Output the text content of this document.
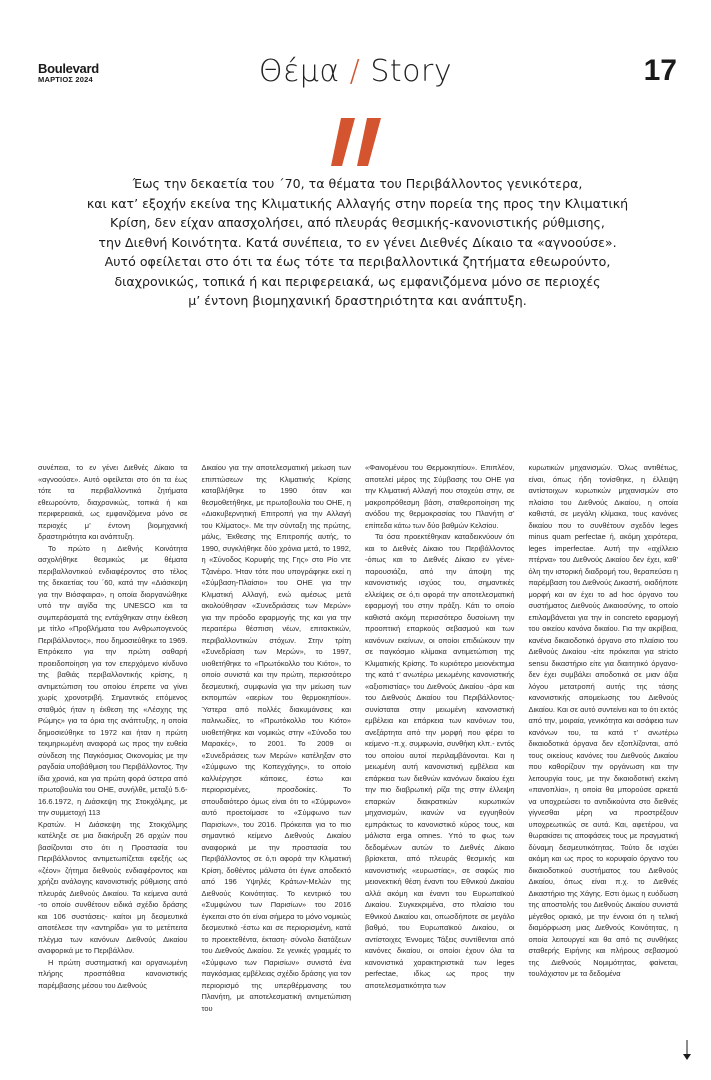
Boulevard
ΜΑΡΤΙΟΣ 2024	Θέμα / Story	17
Έως την δεκαετία του ΄70, τα θέματα του Περιβάλλοντος γενικότερα,
και κατ’ εξοχήν εκείνα της Κλιματικής Αλλαγής στην πορεία της προς την Κλιματική
Κρίση, δεν είχαν απασχολήσει, από πλευράς θεσμικής-κανονιστικής ρύθμισης,
την Διεθνή Κοινότητα. Κατά συνέπεια, το εν γένει Διεθνές Δίκαιο τα «αγνοούσε».
Αυτό οφείλεται στο ότι τα έως τότε τα περιβαλλοντικά ζητήματα εθεωρούντο,
διαχρονικώς, τοπικά ή και περιφερειακά, ως εμφανιζόμενα μόνο σε περιοχές
μ’ έντονη βιομηχανική δραστηριότητα και ανάπτυξη.

συνέπεια, το εν γένει Διεθνές Δίκαιο τα «αγνοούσε». Αυτό οφείλεται στο ότι τα έως τότε τα περιβαλλοντικά ζητήματα εθεωρούντο, διαχρονικώς, τοπικά ή και περιφερειακά, ως εμφανιζόμενα μόνο σε περιοχές μ’ έντονη βιομηχανική δραστηριότητα και ανάπτυξη.

Το πρώτο η Διεθνής Κοινότητα ασχολήθηκε θεσμικώς με θέματα περιβαλλοντικού ενδιαφέροντος στο τέλος της δεκαετίας του ΄60, κατά την «Διάσκεψη για την Βιόσφαιρα», η οποία διοργανώθηκε υπό την αιγίδα της UNESCO και τα συμπεράσματά της εντάχθηκαν στην έκθεση με τίτλο «Προβλήματα του Ανθρωπογενούς Περιβάλλοντος», που δημοσιεύθηκε το 1969. Επρόκειτο για την πρώτη σαθαρή προειδοποίηση για τον επερχόμενο κίνδυνο της βαθιάς περιβαλλοντικής κρίσης, η αντιμετώπιση του οποίου έπρεπε να γίνει χωρίς χρονοτριβή. Σημαντικός επόμενος σταθμός ήταν η έκθεση της «Λέσχης της Ρώμης» για τα όρια της ανάπτυξης, η οποία δημοσιεύθηκε το 1972 και ήταν η πρώτη τεκμηριωμένη αναφορά ως προς την ευθεία σύνδεση της Παγκόσμιας Οικονομίας με την ραγδαία υποβάθμιση του Περιβάλλοντος. Την ίδια χρονιά, και για πρώτη φορά ύστερα από πρωτοβουλία του ΟΗΕ, συνήλθε, μεταξύ 5.6-16.6.1972, η Διάσκεψη της Στοκχόλμης, με την συμμετοχή 113

Κρατών. Η Διάσκεψη της Στοκχόλμης κατέληξε σε μια διακήρυξη 26 αρχών που βασίζονται στο ότι η Προστασία του Περιβάλλοντος αντιμετωπίζεται εφεξής ως «ζέον» ζήτημα διεθνούς ενδιαφέροντος και χρήζει ανάλογης κανονιστικής ρύθμισης από πλευράς Διεθνούς Δικαίου. Τα κείμενα αυτά -το οποίο συνθέτουν ειδικά σχέδιο δράσης και 106 συστάσεις- καίτοι μη δεσμευτικά αποτέλεσε την «αντηρίδα» για το μετέπειτα πλέγμα των κανόνων Διεθνούς Δικαίου αναφορικά με το Περιβάλλον.

Η πρώτη συστηματική και οργανωμένη πλήρης προσπάθεια κανονιστικής παρέμβασης μέσου του Διεθνούς

Δικαίου για την αποτελεσματική μείωση των επιπτώσεων της Κλιματικής Κρίσης καταβλήθηκε το 1990 όταν και θεσμοθετήθηκε, με πρωτοβουλία του ΟΗΕ, η «Διακυβερνητική Επιτροπή για την Αλλαγή του Κλίματος». Με την σύνταξη της πρώτης, μάλις, Έκθεσης της Επιτροπής αυτής, το 1990, συγκλήθηκε δύο χρόνια μετά, το 1992, η «Σύνοδος Κορυφής της Γης» στο Ρίο ντε Τζανέιρο. Ήταν τότε που υπογράφηκε εκεί η «Σύμβαση-Πλαίσιο» του ΟΗΕ για την Κλιματική Αλλαγή, ενώ αμέσως μετά ακολούθησαν «Συνεδριάσεις των Μερών» για την πρόοδο εφαρμογής της και για την περαιτέρω θέσπιση νέων, επιτακτικών, περιβαλλοντικών στόχων. Στην τρίτη «Συνεδρίαση των Μερών», το 1997, υιοθετήθηκε το «Πρωτόκολλο του Κιότο», το οποίο συνιστά και την πρώτη, περισσότερο δεσμευτική, συμφωνία για την μείωση των εκπομπών «αερίων του θερμοκηπίου». Ύστερα από πολλές διακυμάνσεις και παλινωδίες, το «Πρωτόκολλο του Κιότο» υιοθετήθηκε και νομικώς στην «Σύνοδο του Μαρακές», το 2001. Το 2009 οι «Συνεδριάσεις των Μερών» κατέληξαν στο «Σύμφωνο της Κοπεγχάγης», το οποίο καλλιέργησε κάποιες, έστω και περιορισμένες, προσδοκίες. Το σπουδαιότερο όμως είναι ότι το «Σύμφωνο» αυτό προετοίμασε το «Σύμφωνο των Παρισίων», του 2016. Πρόκειται για το πιο σημαντικό κείμενο Διεθνούς Δικαίου αναφορικά με την προστασία του Περιβάλλοντος σε ό,τι αφορά την Κλιματική Κρίση, δοθέντος μάλιστα ότι έγινε αποδεκτό από 196 Υψηλές Κράτων-Μελών της Διεθνούς Κοινότητας. Το κεντρικό του «Συμφώνου των Παρισίων» του 2016 έγκειται στο ότι είναι σήμερα το μόνο νομικώς δεσμευτικό -έστω και σε περιορισμένη, κατά το προεκτεθέντα, έκταση- σύνολο διατάξεων του Διεθνούς Δικαίου. Σε γενικές γραμμές το «Σύμφωνο των Παρισίων» συνιστά ένα παγκόσμιας εμβέλειας σχέδιο δράσης για τον περιορισμό της υπερθέρμανσης του Πλανήτη, με αποτελεσματική αντιμετώπιση του

«Φαινομένου του Θερμοκηπίου». Επιπλέον, αποτελεί μέρος της Σύμβασης του ΟΗΕ για την Κλιματική Αλλαγή που στοχεύει στην, σε μακροπρόθεσμη βάση, σταθεροποίηση της ανόδου της θερμοκρασίας του Πλανήτη σ’ επίπεδα κάτω των δύο βαθμών Κελσίου.

Τα όσα προεκτέθηκαν καταδεικνύουν ότι και το Διεθνές Δίκαιο του Περιβάλλοντος -όπως και το Διεθνές Δίκαιο εν γένει- παρουσιάζει, από την άποψη της κανονιστικής ισχύος του, σημαντικές ελλείψεις σε ό,τι αφορά την αποτελεσματική εφαρμογή του στην πράξη. Κάτι το οποίο καθιστά ακόμη περισσότερο δυσοίωνη την προοπτική επαρκούς σεβασμού και των κανόνων εκείνων, οι οποίοι επιδιώκουν την σε παγκόσμιο κλίμακα αντιμετώπιση της Κλιματικής Κρίσης. Το κυριότερο μειονέκτημα της κατά τ’ ανωτέρω μειωμένης κανονιστικής «αξιοπιστίας» του Διεθνούς Δικαίου -άρα και του Διεθνούς Δικαίου του Περιβάλλοντος- συνίσταται στην μειωμένη κανονιστική εμβέλεια και επάρκεια των κανόνων του, ανεξάρτητα από την μορφή που φέρει το κείμενο -π.χ. συμφωνία, συνθήκη κλπ.- εντός του οποίου αυτοί περιλαμβάνονται. Και η μειωμένη αυτή κανονιστική εμβέλεια και επάρκεια των διεθνών κανόνων δικαίου έχει την πιο διαβρωτική ρίζα της στην έλλειψη επαρκών διακρατικών κυρωτικών μηχανισμών, ικανών να εγγυηθούν εμπράκτως το κανονιστικό κύρος τους, και μάλιστα erga omnes. Υπό το φως των δεδομένων αυτών το Διεθνές Δίκαιο βρίσκεται, από πλευράς θεσμικής και κανονιστικής «ευρωστίας», σε σαφώς πιο μειονεκτική θέση έναντι του Εθνικού Δικαίου αλλά ακόμη και έναντι του Ευρωπαϊκού Δικαίου. Συγκεκριμένα, στο πλαίσιο του Εθνικού Δικαίου και, οπωσδήποτε σε μεγάλο βαθμό, του Ευρωπαϊκού Δικαίου, οι αντίστοιχες Έννομες Τάξεις συντίθενται από κανόνες δικαίου, οι οποίοι έχουν όλα τα κανονιστικά χαρακτηριστικά των leges perfectae, ιδίως ως προς την αποτελεσματικότητα των

κυρωτικών μηχανισμών. Όλως αντιθέτως, είναι, όπως ήδη τονίσθηκε, η έλλειψη αντίστοιχων κυρωτικών μηχανισμών στο πλαίσιο του Διεθνούς Δικαίου, η οποία καθιστά, σε μεγάλη κλίμακα, τους κανόνες δικαίου που το συνθέτουν σχεδόν leges minus quam perfectae ή, ακόμη χειρότερα, leges imperfectae. Αυτή την «αχίλλειο πτέρνα» του Διεθνούς Δικαίου δεν έχει, καθ’ όλη την ιστορική διαδρομή του, θεραπεύσει η παρέμβαση του Διεθνούς Δικαστή, οιαδήποτε μορφή και αν έχει το ad hoc όργανο του συστήματος Διεθνούς Δικαιοσύνης, το οποίο επιλαμβάνεται για την in concreto εφαρμογή του οικείου κανόνα δικαίου. Για την ακρίβεια, κανένα δικαιοδοτικό όργανο στο πλαίσιο του Διεθνούς Δικαίου -είτε πρόκειται για stricto sensu δικαστήριο είτε για διαιτητικό όργανο- δεν έχει συμβάλει αποδοτικά σε μιαν άξια λόγου μετατροπή αυτής της τάσης κανονιστικής απομείωσης του Διεθνούς Δικαίου. Και σε αυτό συντείνει και το ότι εκτός από την, μοιραία, γενικότητα και ασάφεια των κανόνων του, τα κατά τ’ ανωτέρω δικαιοδοτικά όργανα δεν εξοπλίζονται, από τους οικείους κανόνες του Διεθνούς Δικαίου που καθορίζουν την οργάνωση και την λειτουργία τους, με την δικαιοδοτική εκείνη «πανοπλία», η οποία θα μπορούσε αρκετά να υποχρεώσει το αντιδικούντα στο διεθνές γίγνεσθαι μέρη να προστρέξουν υποχρεωτικώς σε αυτά. Και, αφετέρου, να θωρακίσει τις αποφάσεις τους με πραγματική δύναμη δεσμευτικότητας. Τούτο δε ισχύει ακόμη και ως προς το κορυφαίο όργανο του δικαιοδοτικού συστήματος του Διεθνούς Δικαίου, όπως είναι π.χ. το Διεθνές Δικαστήριο της Χάγης. Εστι όμως η ευόδωση της αποστολής του Διεθνούς Δικαίου συνιστά μέγεθος οριακό, με την έννοια ότι η τελική διαμόρφωση μιας Διεθνούς Κοινότητας, η οποία λειτουργεί και θα από τις συνθήκες σταθερής Ειρήνης και πλήρους σεβασμού της Διεθνούς Νομιμότητας, φαίνεται, τουλάχιστον με τα δεδομένα
